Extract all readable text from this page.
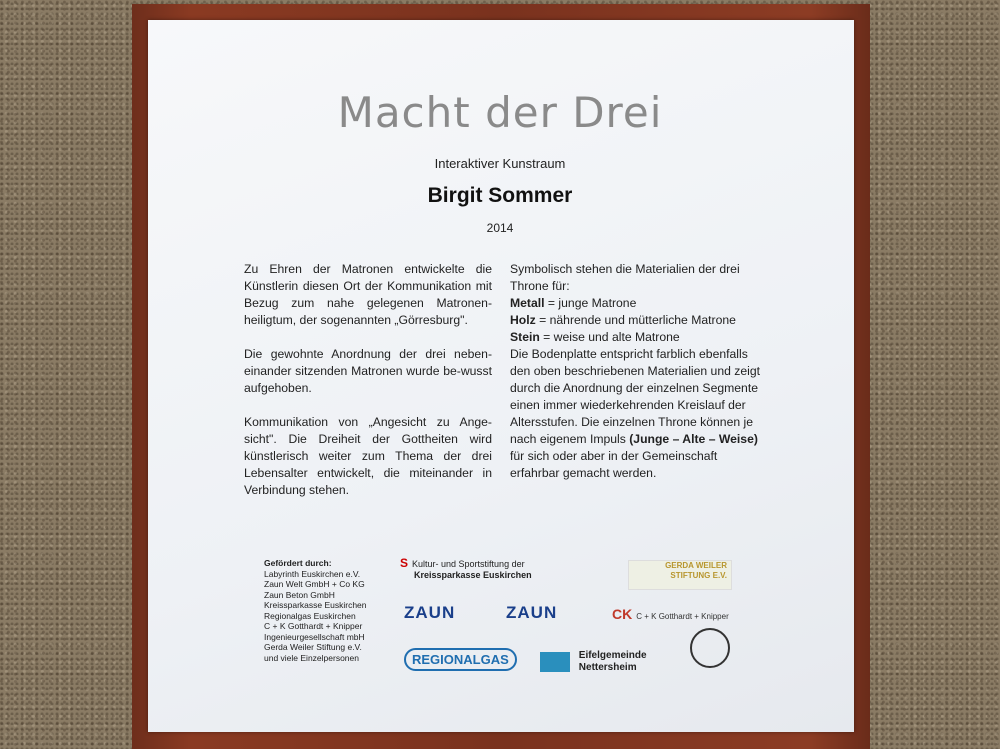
Macht der Drei
Interaktiver Kunstraum
Birgit Sommer
2014

Zu Ehren der Matronen entwickelte die Künstlerin diesen Ort der Kommunikation mit Bezug zum nahe gelegenen Matronen-heiligtum, der sogenannten „Görresburg".

Die gewohnte Anordnung der drei neben-einander sitzenden Matronen wurde be-wusst aufgehoben.

Kommunikation von „Angesicht zu Ange-sicht". Die Dreiheit der Gottheiten wird künstlerisch weiter zum Thema der drei Lebensalter entwickelt, die miteinander in Verbindung stehen.

Symbolisch stehen die Materialien der drei Throne für:

Metall = junge Matrone

Holz = nährende und mütterliche Matrone

Stein = weise und alte Matrone

Die Bodenplatte entspricht farblich ebenfalls den oben beschriebenen Materialien und zeigt durch die Anordnung der einzelnen Segmente einen immer wiederkehrenden Kreislauf der Altersstufen. Die einzelnen Throne können je nach eigenem Impuls (Junge – Alte – Weise) für sich oder aber in der Gemeinschaft erfahrbar gemacht werden.

Gefördert durch:
Labyrinth Euskirchen e.V.
Zaun Welt GmbH + Co KG
Zaun Beton GmbH
Kreissparkasse Euskirchen
Regionalgas Euskirchen
C + K Gotthardt + Knipper
Ingenieurgesellschaft mbH
Gerda Weiler Stiftung e.V.
und viele Einzelpersonen
S Kultur- und Sportstiftung der
Kreissparkasse Euskirchen
GERDA WEILER STIFTUNG E.V.
ZAUN	ZAUN	CK C + K Gotthardt + Knipper
REGIONALGAS	Eifelgemeinde
Nettersheim
